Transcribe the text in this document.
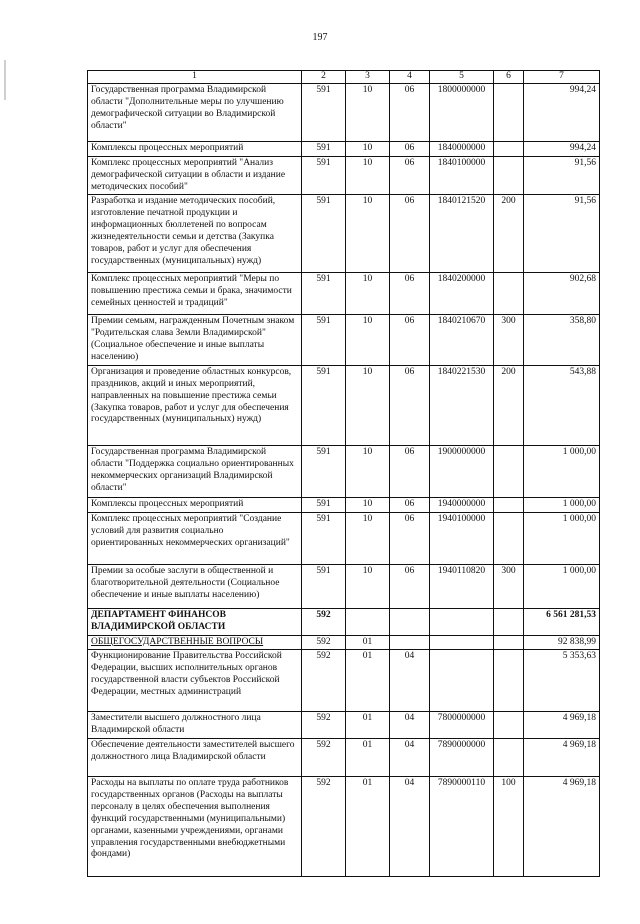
197
1	2	3	4	5	6	7
Государственная программа Владимирской области "Дополнительные меры по улучшению демографической ситуации во Владимирской области"	591	10	06	1800000000		994,24
Комплексы процессных мероприятий	591	10	06	1840000000		994,24
Комплекс процессных мероприятий "Анализ демографической ситуации в области и издание методических пособий"	591	10	06	1840100000		91,56
Разработка и издание методических пособий, изготовление печатной продукции и информационных бюллетеней по вопросам жизнедеятельности семьи и детства (Закупка товаров, работ и услуг для обеспечения государственных (муниципальных) нужд)	591	10	06	1840121520	200	91,56
Комплекс процессных мероприятий "Меры по повышению престижа семьи и брака, значимости семейных ценностей и традиций"	591	10	06	1840200000		902,68
Премии семьям, награжденным Почетным знаком "Родительская слава Земли Владимирской" (Социальное обеспечение и иные выплаты населению)	591	10	06	1840210670	300	358,80
Организация и проведение областных конкурсов, праздников, акций и иных мероприятий, направленных на повышение престижа семьи (Закупка товаров, работ и услуг для обеспечения государственных (муниципальных) нужд)	591	10	06	1840221530	200	543,88
Государственная программа Владимирской области "Поддержка социально ориентированных некоммерческих организаций Владимирской области"	591	10	06	1900000000		1 000,00
Комплексы процессных мероприятий	591	10	06	1940000000		1 000,00
Комплекс процессных мероприятий "Создание условий для развития социально ориентированных некоммерческих организаций"	591	10	06	1940100000		1 000,00
Премии за особые заслуги в общественной и благотворительной деятельности (Социальное обеспечение и иные выплаты населению)	591	10	06	1940110820	300	1 000,00
ДЕПАРТАМЕНТ ФИНАНСОВ ВЛАДИМИРСКОЙ ОБЛАСТИ	592					6 561 281,53
ОБЩЕГОСУДАРСТВЕННЫЕ ВОПРОСЫ	592	01				92 838,99
Функционирование Правительства Российской Федерации, высших исполнительных органов государственной власти субъектов Российской Федерации, местных администраций	592	01	04			5 353,63
Заместители высшего должностного лица Владимирской области	592	01	04	7800000000		4 969,18
Обеспечение деятельности заместителей высшего должностного лица Владимирской области	592	01	04	7890000000		4 969,18
Расходы на выплаты по оплате труда работников государственных органов (Расходы на выплаты персоналу в целях обеспечения выполнения функций государственными (муниципальными) органами, казенными учреждениями, органами управления государственными внебюджетными фондами)	592	01	04	7890000110	100	4 969,18
